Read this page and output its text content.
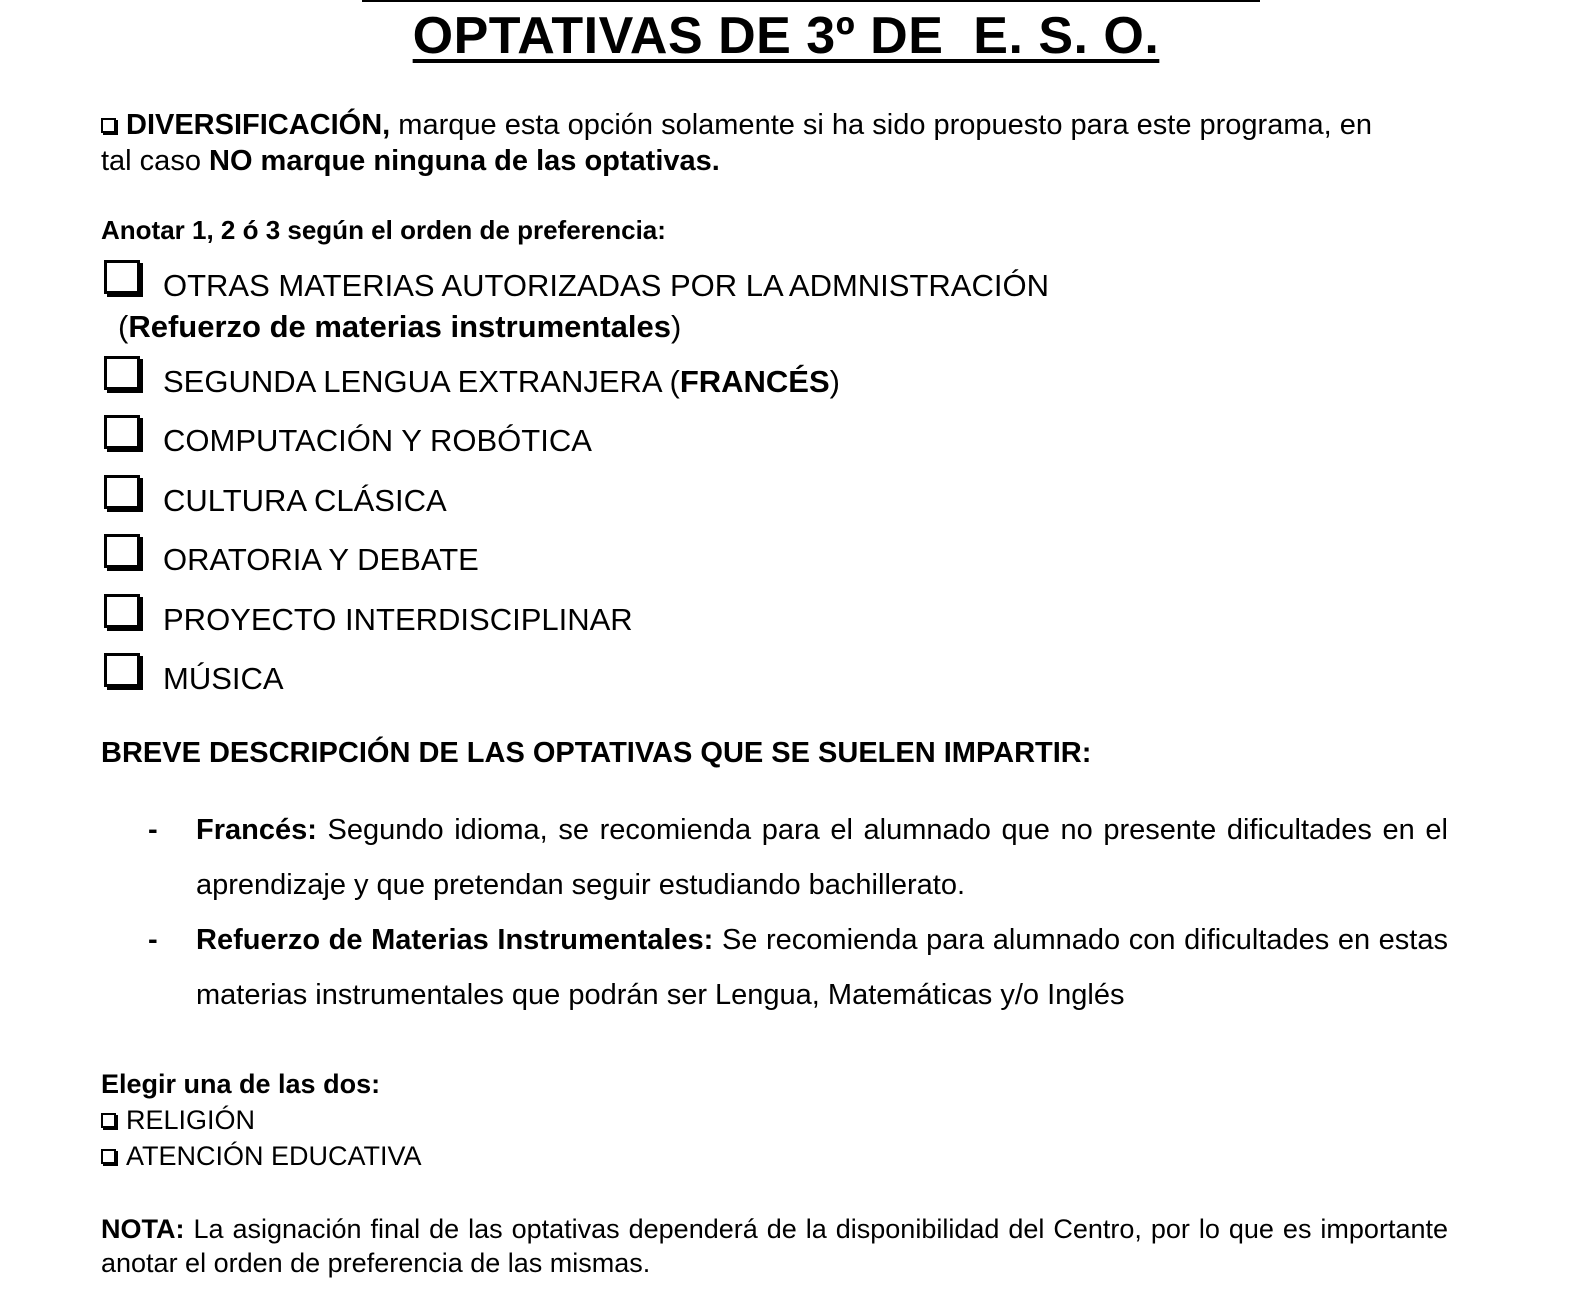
OPTATIVAS DE 3º DE  E. S. O.
DIVERSIFICACIÓN, marque esta opción solamente si ha sido propuesto para este programa, en tal caso NO marque ninguna de las optativas.
Anotar 1, 2 ó 3 según el orden de preferencia:
OTRAS MATERIAS AUTORIZADAS POR LA ADMNISTRACIÓN
(Refuerzo de materias instrumentales)
SEGUNDA LENGUA EXTRANJERA (FRANCÉS)
COMPUTACIÓN Y ROBÓTICA
CULTURA CLÁSICA
ORATORIA Y DEBATE
PROYECTO INTERDISCIPLINAR
MÚSICA
BREVE DESCRIPCIÓN DE LAS OPTATIVAS QUE SE SUELEN IMPARTIR:
- Francés: Segundo idioma, se recomienda para el alumnado que no presente dificultades en el aprendizaje y que pretendan seguir estudiando bachillerato.
- Refuerzo de Materias Instrumentales: Se recomienda para alumnado con dificultades en estas materias instrumentales que podrán ser Lengua, Matemáticas y/o Inglés
Elegir una de las dos:
RELIGIÓN
ATENCIÓN EDUCATIVA
NOTA: La asignación final de las optativas dependerá de la disponibilidad del Centro, por lo que es importante anotar el orden de preferencia de las mismas.
